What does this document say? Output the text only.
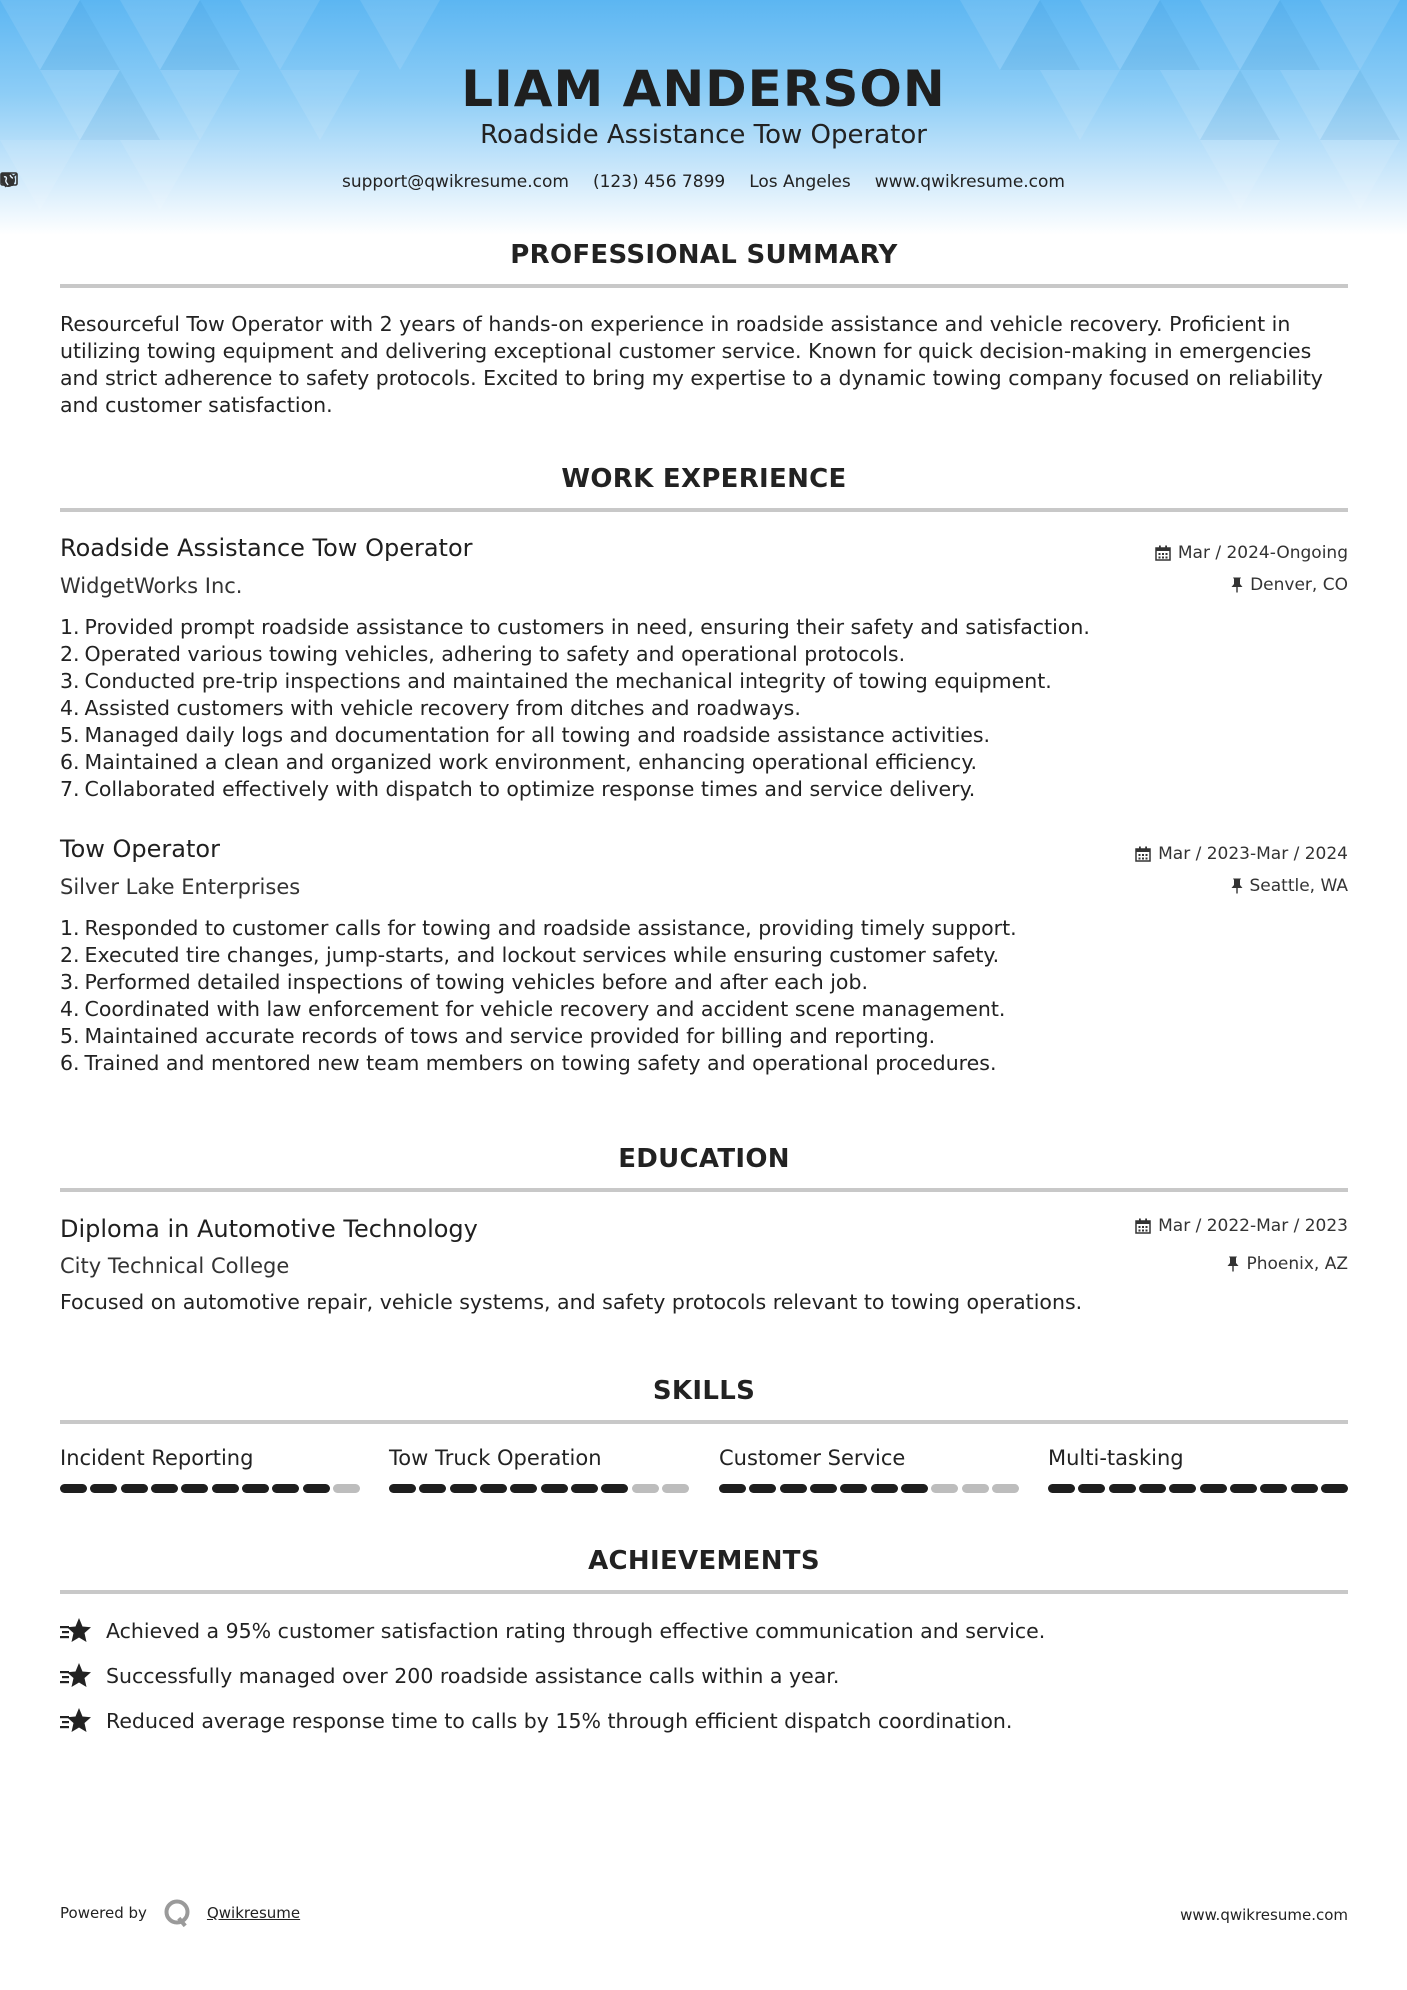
LIAM ANDERSON
Roadside Assistance Tow Operator
support@qwikresume.com (123) 456 7899 Los Angeles www.qwikresume.com
PROFESSIONAL SUMMARY
Resourceful Tow Operator with 2 years of hands-on experience in roadside assistance and vehicle recovery. Proficient in utilizing towing equipment and delivering exceptional customer service. Known for quick decision-making in emergencies and strict adherence to safety protocols. Excited to bring my expertise to a dynamic towing company focused on reliability and customer satisfaction.
WORK EXPERIENCE
Roadside Assistance Tow Operator	Mar / 2024-Ongoing
WidgetWorks Inc.	Denver, CO
1.
Provided prompt roadside assistance to customers in need, ensuring their safety and satisfaction.
2.
Operated various towing vehicles, adhering to safety and operational protocols.
3.
Conducted pre-trip inspections and maintained the mechanical integrity of towing equipment.
4.
Assisted customers with vehicle recovery from ditches and roadways.
5.
Managed daily logs and documentation for all towing and roadside assistance activities.
6.
Maintained a clean and organized work environment, enhancing operational efficiency.
7.
Collaborated effectively with dispatch to optimize response times and service delivery.
Tow Operator	Mar / 2023-Mar / 2024
Silver Lake Enterprises	Seattle, WA
1.
Responded to customer calls for towing and roadside assistance, providing timely support.
2.
Executed tire changes, jump-starts, and lockout services while ensuring customer safety.
3.
Performed detailed inspections of towing vehicles before and after each job.
4.
Coordinated with law enforcement for vehicle recovery and accident scene management.
5.
Maintained accurate records of tows and service provided for billing and reporting.
6.
Trained and mentored new team members on towing safety and operational procedures.
EDUCATION
Diploma in Automotive Technology	Mar / 2022-Mar / 2023
City Technical College	Phoenix, AZ
Focused on automotive repair, vehicle systems, and safety protocols relevant to towing operations.
SKILLS
Incident Reporting	Tow Truck Operation	Customer Service	Multi-tasking
ACHIEVEMENTS
Achieved a 95% customer satisfaction rating through effective communication and service.
Successfully managed over 200 roadside assistance calls within a year.
Reduced average response time to calls by 15% through efficient dispatch coordination.
Powered by	Qwikresume	www.qwikresume.com
